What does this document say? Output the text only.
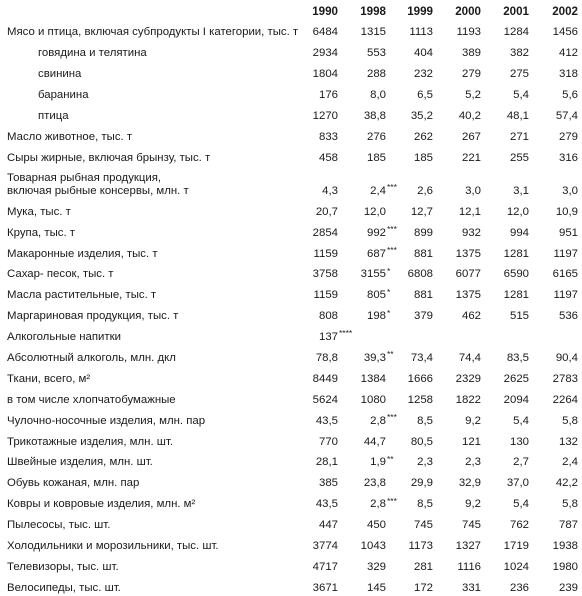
	1990	1998	1999	2000	2001	2002

Мясо и птица, включая субпродукты I категории, тыс. т	6484	1315	1113	1193	1284	1456

говядина и телятина	2934	553	404	389	382	412

свинина	1804	288	232	279	275	318

баранина	176	8,0	6,5	5,2	5,4	5,6

птица	1270	38,8	35,2	40,2	48,1	57,4

Масло животное, тыс. т	833	276	262	267	271	279

Сыры жирные, включая брынзу, тыс. т	458	185	185	221	255	316

Товарная рыбная продукция,
включая рыбные консервы, млн. т	4,3	2,4 ***	2,6	3,0	3,1	3,0

Мука, тыс. т	20,7	12,0	12,7	12,1	12,0	10,9

Крупа, тыс. т	2854	992 ***	899	932	994	951

Макаронные изделия, тыс. т	1159	687 ***	881	1375	1281	1197

Сахар- песок, тыс. т	3758	3155 *	6808	6077	6590	6165

Масла растительные, тыс. т	1159	805 *	881	1375	1281	1197

Маргариновая продукция, тыс. т	808	198 *	379	462	515	536

Алкогольные напитки	137 ****					

Абсолютный алкоголь, млн. дкл	78,8	39,3 **	73,4	74,4	83,5	90,4

Ткани, всего, м²	8449	1384	1666	2329	2625	2783

в том числе хлопчатобумажные	5624	1080	1258	1822	2094	2264

Чулочно-носочные изделия, млн. пар	43,5	2,8 ***	8,5	9,2	5,4	5,8

Трикотажные изделия, млн. шт.	770	44,7	80,5	121	130	132

Швейные изделия, млн. шт.	28,1	1,9 **	2,3	2,3	2,7	2,4

Обувь кожаная, млн. пар	385	23,8	29,9	32,9	37,0	42,2

Ковры и ковровые изделия, млн. м²	43,5	2,8 ***	8,5	9,2	5,4	5,8

Пылесосы, тыс. шт.	447	450	745	745	762	787

Холодильники и морозильники, тыс. шт.	3774	1043	1173	1327	1719	1938

Телевизоры, тыс. шт.	4717	329	281	1116	1024	1980

Велосипеды, тыс. шт.	3671	145	172	331	236	239
